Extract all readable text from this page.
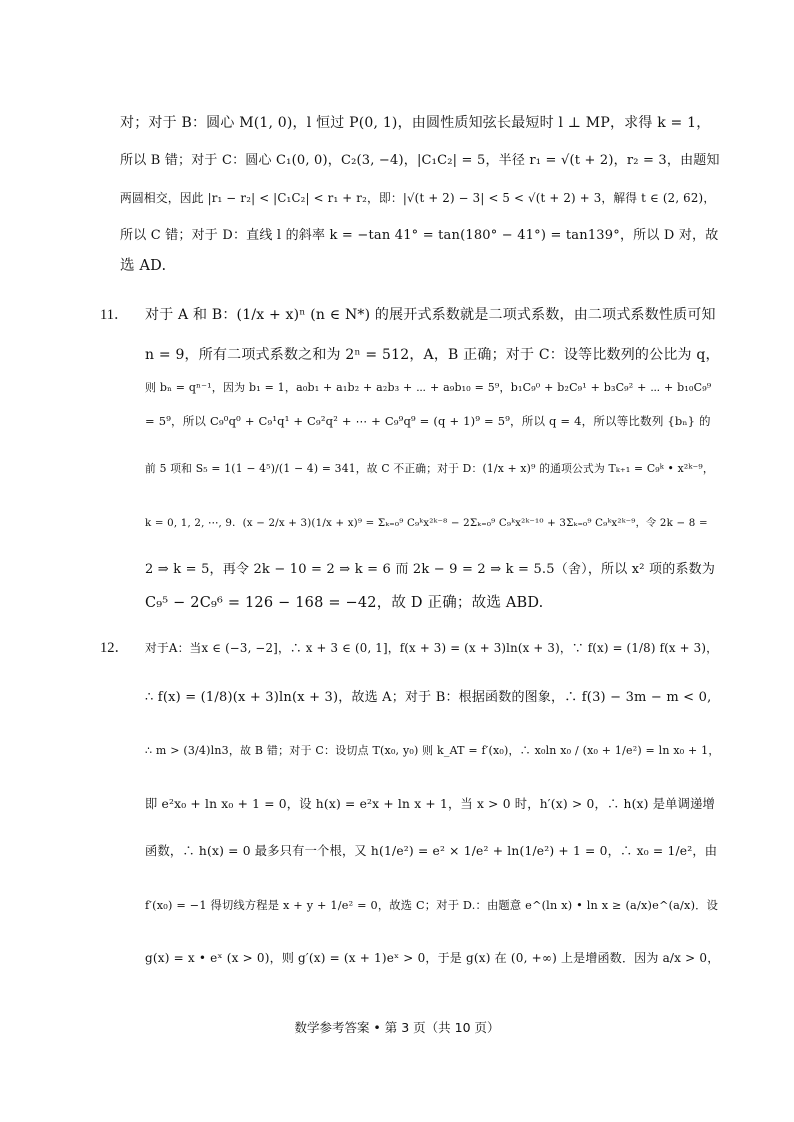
对；对于 B：圆心 M(1, 0)，l 恒过 P(0, 1)，由圆性质知弦长最短时 l ⊥ MP，求得 k = 1，
所以 B 错；对于 C：圆心 C₁(0, 0)，C₂(3, −4)，|C₁C₂| = 5，半径 r₁ = √(t + 2)，r₂ = 3，由题知
两圆相交，因此 |r₁ − r₂| < |C₁C₂| < r₁ + r₂，即：|√(t + 2) − 3| < 5 < √(t + 2) + 3，解得 t ∈ (2, 62)，
所以 C 错；对于 D：直线 l 的斜率 k = −tan 41° = tan(180° − 41°) = tan139°，所以 D 对，故
选 AD.
11． 对于 A 和 B：(1/x + x)ⁿ (n ∈ N*) 的展开式系数就是二项式系数，由二项式系数性质可知
n = 9，所有二项式系数之和为 2ⁿ = 512，A，B 正确；对于 C：设等比数列的公比为 q，
则 bₙ = qⁿ⁻¹，因为 b₁ = 1，a₀b₁ + a₁b₂ + a₂b₃ + ⋯ + a₉b₁₀ = 5⁹，b₁C₉⁰ + b₂C₉¹ + b₃C₉² + ⋯ + b₁₀C₉⁹
= 5⁹，所以 C₉⁰q⁰ + C₉¹q¹ + C₉²q² + ⋯ + C₉⁹q⁹ = (q + 1)⁹ = 5⁹，所以 q = 4，所以等比数列 {bₙ} 的
前 5 项和 S₅ = 1(1 − 4⁵)/(1 − 4) = 341，故 C 不正确；对于 D：(1/x + x)⁹ 的通项公式为 Tₖ₊₁ = C₉ᵏ • x²ᵏ⁻⁹，
k = 0, 1, 2, ⋯, 9．(x − 2/x + 3)(1/x + x)⁹ = Σₖ₌₀⁹ C₉ᵏx²ᵏ⁻⁸ − 2Σₖ₌₀⁹ C₉ᵏx²ᵏ⁻¹⁰ + 3Σₖ₌₀⁹ C₉ᵏx²ᵏ⁻⁹，令 2k − 8 =
2 ⇒ k = 5，再令 2k − 10 = 2 ⇒ k = 6 而 2k − 9 = 2 ⇒ k = 5.5（舍），所以 x² 项的系数为
C₉⁵ − 2C₉⁶ = 126 − 168 = −42，故 D 正确；故选 ABD.
12． 对于A：当x ∈ (−3, −2]，∴ x + 3 ∈ (0, 1]，f(x + 3) = (x + 3)ln(x + 3)，∵ f(x) = (1/8) f(x + 3)，
∴ f(x) = (1/8)(x + 3)ln(x + 3)，故选 A；对于 B：根据函数的图象，∴ f(3) − 3m − m < 0,
∴ m > (3/4)ln3，故 B 错；对于 C：设切点 T(x₀, y₀) 则 k_AT = f′(x₀)，∴ x₀ln x₀ / (x₀ + 1/e²) = ln x₀ + 1，
即 e²x₀ + ln x₀ + 1 = 0，设 h(x) = e²x + ln x + 1，当 x > 0 时，h′(x) > 0，∴ h(x) 是单调递增
函数，∴ h(x) = 0 最多只有一个根，又 h(1/e²) = e² × 1/e² + ln(1/e²) + 1 = 0，∴ x₀ = 1/e²，由
f′(x₀) = −1 得切线方程是 x + y + 1/e² = 0，故选 C；对于 D.：由题意 e^(ln x) • ln x ≥ (a/x)e^(a/x)．设
g(x) = x • eˣ (x > 0)，则 g′(x) = (x + 1)eˣ > 0，于是 g(x) 在 (0, +∞) 上是增函数．因为 a/x > 0，
数学参考答案 • 第 3 页（共 10 页）
